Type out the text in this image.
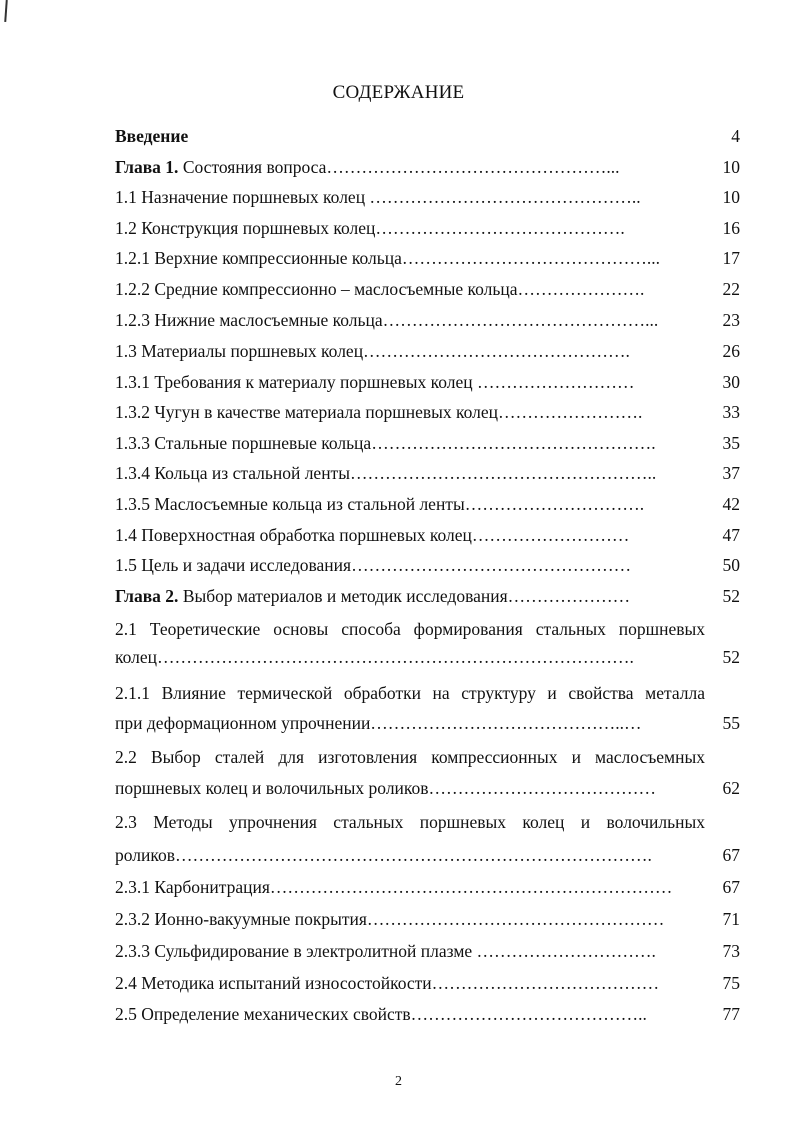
СОДЕРЖАНИЕ
Введение	4
Глава 1. Состояния вопроса…………………………………………...	10
1.1 Назначение поршневых колец ………………………………………..	10
1.2 Конструкция поршневых колец…………………………………….	16
1.2.1 Верхние компрессионные кольца……………………………………...	17
1.2.2 Средние компрессионно – маслосъемные кольца………………….	22
1.2.3 Нижние маслосъемные кольца………………………………………...	23
1.3 Материалы поршневых колец……………………………………….	26
1.3.1 Требования к материалу поршневых колец ………………………	30
1.3.2 Чугун в качестве материала поршневых колец…………………….	33
1.3.3 Стальные поршневые кольца………………………………………….	35
1.3.4 Кольца из стальной ленты……………………………………………..	37
1.3.5 Маслосъемные кольца из стальной ленты………………………….	42
1.4 Поверхностная обработка поршневых колец………………………	47
1.5 Цель и задачи исследования…………………………………………	50
Глава 2. Выбор материалов и методик исследования…………………	52
2.1 Теоретические основы способа формирования стальных поршневых
колец……………………………………………………………………….	52
2.1.1 Влияние термической обработки на структуру и свойства металла
при деформационном упрочнении……………………………………..…	55
2.2 Выбор сталей для изготовления компрессионных и маслосъемных
поршневых колец и волочильных роликов…………………………………	62
2.3 Методы упрочнения стальных поршневых колец и волочильных
роликов……………………………………………………………………….	67
2.3.1 Карбонитрация……………………………………………………………	67
2.3.2 Ионно-вакуумные покрытия……………………………………………	71
2.3.3 Сульфидирование в электролитной плазме ………………………….	73
2.4 Методика испытаний износостойкости…………………………………	75
2.5 Определение механических свойств…………………………………..	77
2
